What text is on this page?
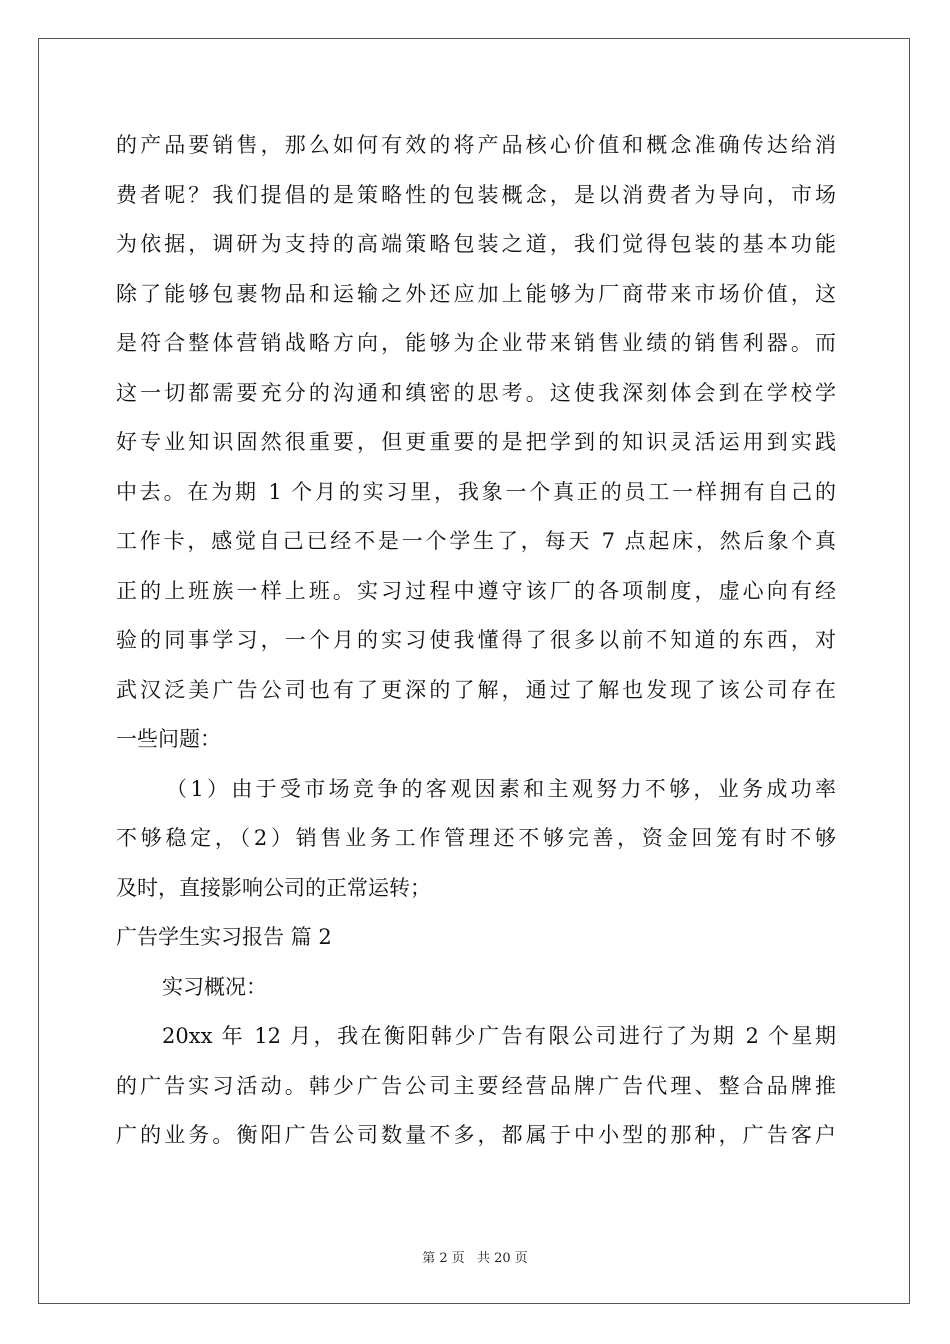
的产品要销售，那么如何有效的将产品核心价值和概念准确传达给消
费者呢？我们提倡的是策略性的包装概念，是以消费者为导向，市场
为依据，调研为支持的高端策略包装之道，我们觉得包装的基本功能
除了能够包裹物品和运输之外还应加上能够为厂商带来市场价值，这
是符合整体营销战略方向，能够为企业带来销售业绩的销售利器。而
这一切都需要充分的沟通和缜密的思考。这使我深刻体会到在学校学
好专业知识固然很重要，但更重要的是把学到的知识灵活运用到实践
中去。在为期 1 个月的实习里，我象一个真正的员工一样拥有自己的
工作卡，感觉自己已经不是一个学生了，每天 7 点起床，然后象个真
正的上班族一样上班。实习过程中遵守该厂的各项制度，虚心向有经
验的同事学习，一个月的实习使我懂得了很多以前不知道的东西，对
武汉泛美广告公司也有了更深的了解，通过了解也发现了该公司存在
一些问题：
（1）由于受市场竞争的客观因素和主观努力不够，业务成功率
不够稳定，（2）销售业务工作管理还不够完善，资金回笼有时不够
及时，直接影响公司的正常运转；
广告学生实习报告 篇 2
实习概况：
20xx 年 12 月，我在衡阳韩少广告有限公司进行了为期 2 个星期
的广告实习活动。韩少广告公司主要经营品牌广告代理、整合品牌推
广的业务。衡阳广告公司数量不多，都属于中小型的那种，广告客户
第 2 页 共 20 页
